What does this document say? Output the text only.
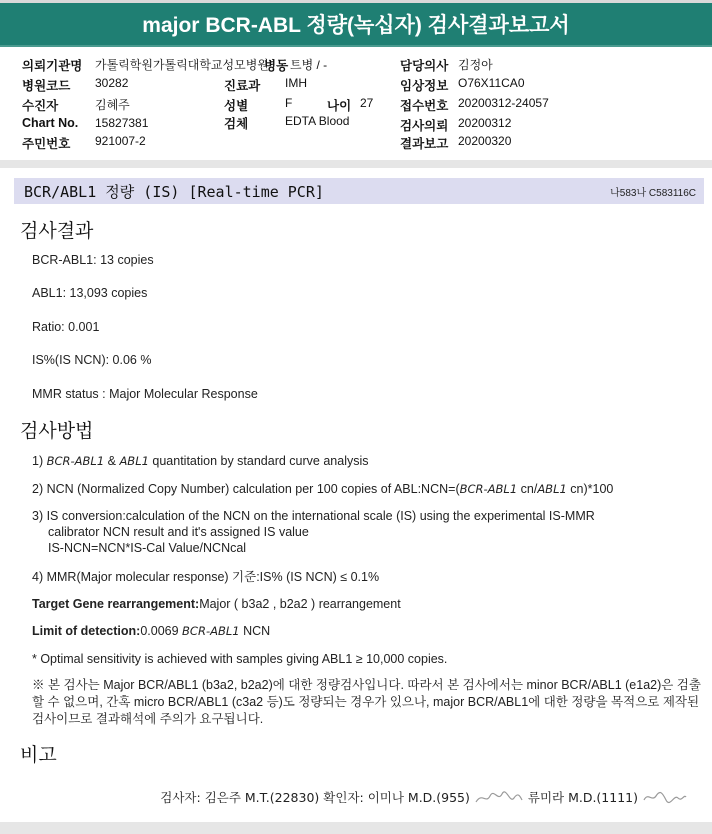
major BCR-ABL 정량(녹십자) 검사결과보고서
의뢰기관명 가톨릭학원가톨릭대학교성모병원
병동 트병 / -	담당의사 김정아
병원코드 30282	진료과 IMH	임상정보 O76X11CA0
수진자	김혜주	성별	F	나이 27 접수번호 20200312-24057
Chart No. 15827381	검체	EDTA Blood	검사의뢰 20200312
주민번호 921007-2	결과보고 20200320
BCR/ABL1 정량 (IS) [Real-time PCR]	나583나 C583116C
검사결과
BCR-ABL1: 13 copies
ABL1: 13,093 copies
Ratio: 0.001
IS%(IS NCN): 0.06 %
MMR status : Major Molecular Response
검사방법
1) BCR-ABL1 & ABL1 quantitation by standard curve analysis
2) NCN (Normalized Copy Number) calculation per 100 copies of ABL:NCN=(BCR-ABL1 cn/ABL1 cn)*100
3) IS conversion:calculation of the NCN on the international scale (IS) using the experimental IS-MMR
calibrator NCN result and it's assigned IS value
IS-NCN=NCN*IS-Cal Value/NCNcal
4) MMR(Major molecular response) 기준:IS% (IS NCN) ≤ 0.1%
Target Gene rearrangement:Major ( b3a2 , b2a2 ) rearrangement
Limit of detection:0.0069 BCR-ABL1 NCN
* Optimal sensitivity is achieved with samples giving ABL1 ≥ 10,000 copies.
※ 본 검사는 Major BCR/ABL1 (b3a2, b2a2)에 대한 정량검사입니다. 따라서 본 검사에서는 minor BCR/ABL1 (e1a2)은 검출할 수 없으며, 간혹 micro BCR/ABL1 (c3a2 등)도 정량되는 경우가 있으나, major BCR/ABL1에 대한 정량을 목적으로 제작된 검사이므로 결과해석에 주의가 요구됩니다.
비고
검사자: 김은주 M.T.(22830) 확인자: 이미나 M.D.(955)	류미라 M.D.(1111)
